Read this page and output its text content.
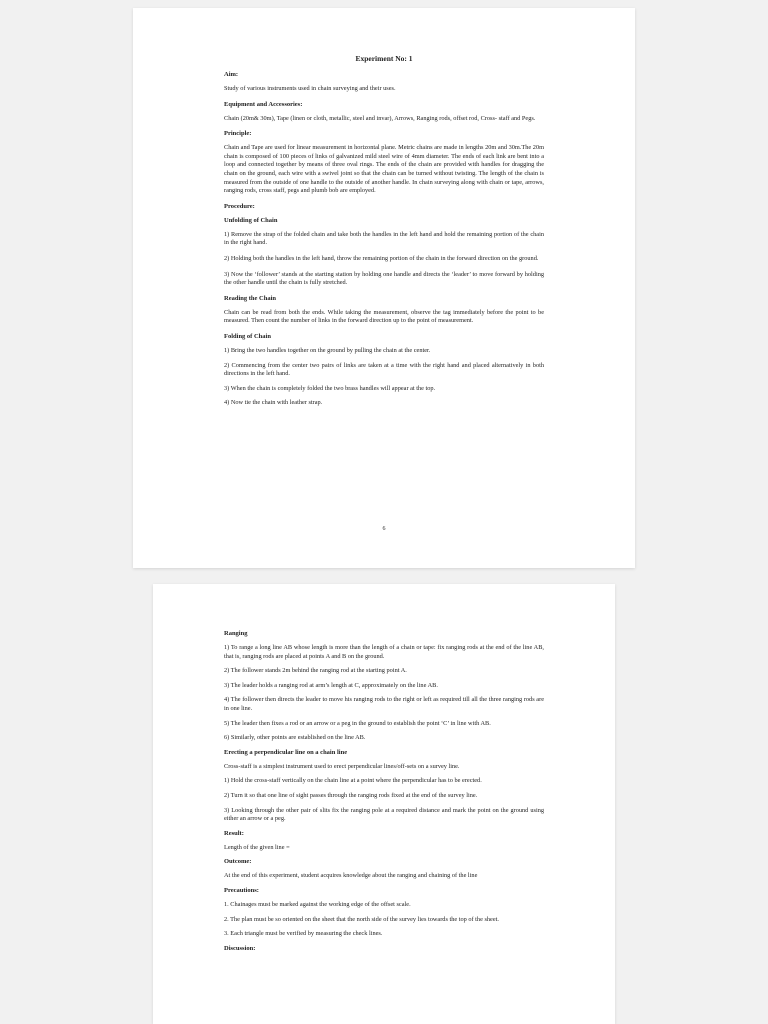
Experiment No: 1
Aim:
Study of various instruments used in chain surveying and their uses.
Equipment and Accessories:
Chain (20m& 30m), Tape (linen or cloth, metallic, steel and invar), Arrows, Ranging rods, offset rod, Cross- staff and Pegs.
Principle:
Chain and Tape are used for linear measurement in horizontal plane. Metric chains are made in lengths 20m and 30m.The 20m chain is composed of 100 pieces of links of galvanized mild steel wire of 4mm diameter. The ends of each link are bent into a loop and connected together by means of three oval rings. The ends of the chain are provided with handles for dragging the chain on the ground, each wire with a swivel joint so that the chain can be turned without twisting. The length of the chain is measured from the outside of one handle to the outside of another handle. In chain surveying along with chain or tape, arrows, ranging rods, cross staff, pegs and plumb bob are employed.
Procedure:
Unfolding of Chain
1) Remove the strap of the folded chain and take both the handles in the left hand and hold the remaining portion of the chain in the right hand.
2) Holding both the handles in the left hand, throw the remaining portion of the chain in the forward direction on the ground.
3) Now the ‘follower’ stands at the starting station by holding one handle and directs the ‘leader’ to move forward by holding the other handle until the chain is fully stretched.
Reading the Chain
Chain can be read from both the ends. While taking the measurement, observe the tag immediately before the point to be measured. Then count the number of links in the forward direction up to the point of measurement.
Folding of Chain
1) Bring the two handles together on the ground by pulling the chain at the center.
2) Commencing from the center two pairs of links are taken at a time with the right hand and placed alternatively in both directions in the left hand.
3) When the chain is completely folded the two brass handles will appear at the top.
4) Now tie the chain with leather strap.
6
Ranging
1) To range a long line AB whose length is more than the length of a chain or tape: fix ranging rods at the end of the line AB, that is, ranging rods are placed at points A and B on the ground.
2) The follower stands 2m behind the ranging rod at the starting point A.
3) The leader holds a ranging rod at arm’s length at C, approximately on the line AB.
4) The follower then directs the leader to move his ranging rods to the right or left as required till all the three ranging rods are in one line.
5) The leader then fixes a rod or an arrow or a peg in the ground to establish the point ‘C’ in line with AB.
6) Similarly, other points are established on the line AB.
Erecting a perpendicular line on a chain line
Cross-staff is a simplest instrument used to erect perpendicular lines/off-sets on a survey line.
1) Hold the cross-staff vertically on the chain line at a point where the perpendicular has to be erected.
2) Turn it so that one line of sight passes through the ranging rods fixed at the end of the survey line.
3) Looking through the other pair of slits fix the ranging pole at a required distance and mark the point on the ground using either an arrow or a peg.
Result:
Length of the given line =
Outcome:
At the end of this experiment, student acquires knowledge about the ranging and chaining of the line
Precautions:
1. Chainages must be marked against the working edge of the offset scale.
2. The plan must be so oriented on the sheet that the north side of the survey lies towards the top of the sheet.
3. Each triangle must be verified by measuring the check lines.
Discussion:
